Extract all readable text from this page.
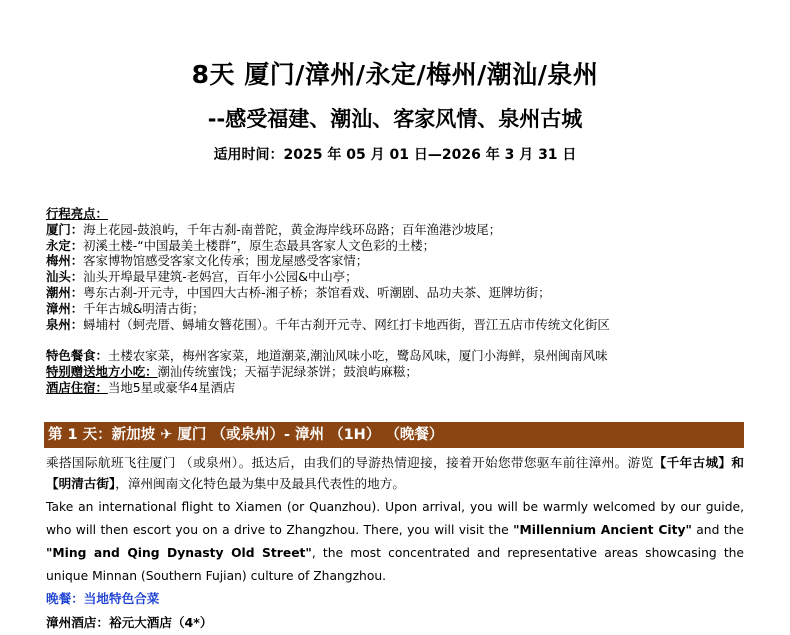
8天 厦门/漳州/永定/梅州/潮汕/泉州
--感受福建、潮汕、客家风情、泉州古城
适用时间：2025 年 05 月 01 日—2026 年 3 月 31 日
行程亮点：
厦门：海上花园-鼓浪屿，千年古刹-南普陀，黄金海岸线环岛路；百年渔港沙坡尾；
永定：初溪土楼-“中国最美土楼群”，原生态最具客家人文色彩的土楼；
梅州：客家博物馆感受客家文化传承；围龙屋感受客家情；
汕头：汕头开埠最早建筑-老妈宫，百年小公园&中山亭；
潮州：粤东古刹-开元寺，中国四大古桥-湘子桥；茶馆看戏、听潮剧、品功夫茶、逛牌坊街；
漳州：千年古城&明清古街；
泉州：蟳埔村（蚵壳厝、蟳埔女簪花围）。千年古刹开元寺、网红打卡地西街，晋江五店市传统文化街区
特色餐食：土楼农家菜，梅州客家菜，地道潮菜,潮汕风味小吃，鹭岛风味，厦门小海鲜，泉州闽南风味
特别赠送地方小吃：潮汕传统蜜饯；天福芋泥绿茶饼；鼓浪屿麻糍；
酒店住宿：当地5星或豪华4星酒店
第 1 天：新加坡 ✈ 厦门 （或泉州）- 漳州 （1H） （晚餐）
乘搭国际航班飞往厦门 （或泉州）。抵达后，由我们的导游热情迎接，接着开始您带您驱车前往漳州。游览【千年古城】和【明清古街】，漳州闽南文化特色最为集中及最具代表性的地方。
Take an international flight to Xiamen (or Quanzhou). Upon arrival, you will be warmly welcomed by our guide, who will then escort you on a drive to Zhangzhou. There, you will visit the "Millennium Ancient City" and the "Ming and Qing Dynasty Old Street", the most concentrated and representative areas showcasing the unique Minnan (Southern Fujian) culture of Zhangzhou.
晚餐：当地特色合菜
漳州酒店：裕元大酒店（4*）
